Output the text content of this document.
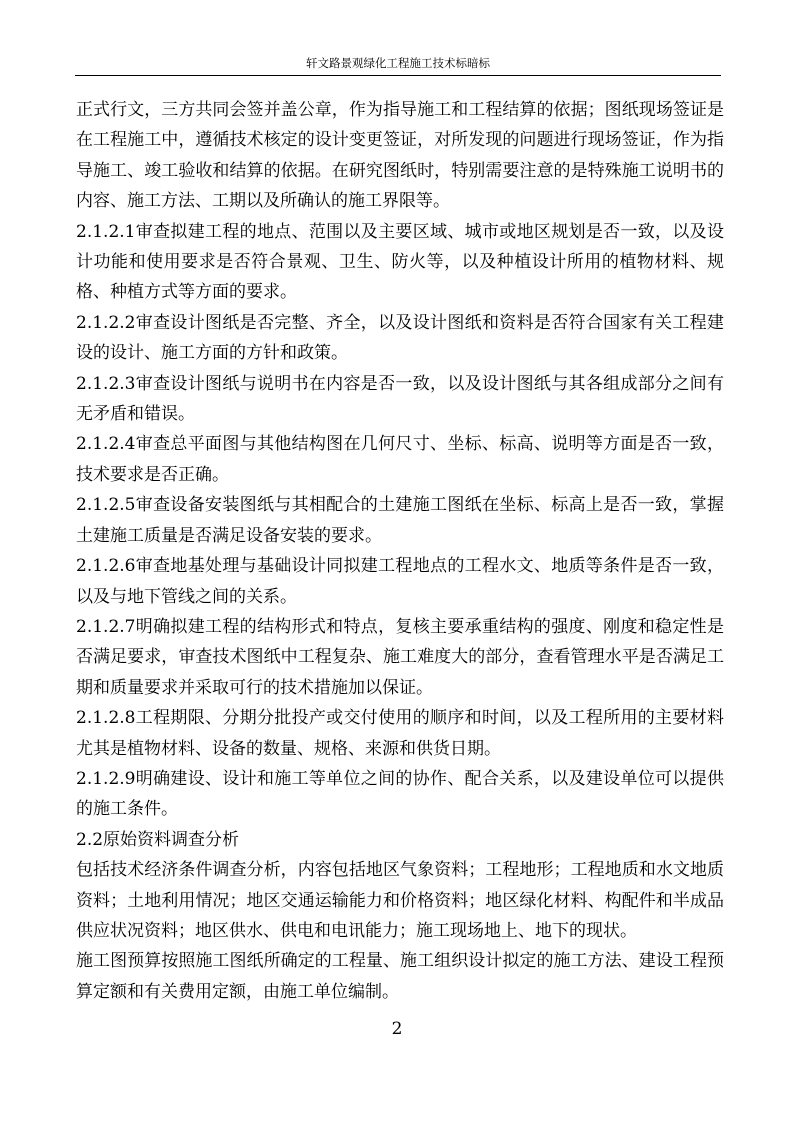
轩文路景观绿化工程施工技术标暗标

正式行文，三方共同会签并盖公章，作为指导施工和工程结算的依据；图纸现场签证是在工程施工中，遵循技术核定的设计变更签证，对所发现的问题进行现场签证，作为指导施工、竣工验收和结算的依据。在研究图纸时，特别需要注意的是特殊施工说明书的内容、施工方法、工期以及所确认的施工界限等。

2.1.2.1审查拟建工程的地点、范围以及主要区域、城市或地区规划是否一致，以及设计功能和使用要求是否符合景观、卫生、防火等，以及种植设计所用的植物材料、规格、种植方式等方面的要求。

2.1.2.2审查设计图纸是否完整、齐全，以及设计图纸和资料是否符合国家有关工程建设的设计、施工方面的方针和政策。

2.1.2.3审查设计图纸与说明书在内容是否一致，以及设计图纸与其各组成部分之间有无矛盾和错误。

2.1.2.4审查总平面图与其他结构图在几何尺寸、坐标、标高、说明等方面是否一致，技术要求是否正确。

2.1.2.5审查设备安装图纸与其相配合的土建施工图纸在坐标、标高上是否一致，掌握土建施工质量是否满足设备安装的要求。

2.1.2.6审查地基处理与基础设计同拟建工程地点的工程水文、地质等条件是否一致，以及与地下管线之间的关系。

2.1.2.7明确拟建工程的结构形式和特点，复核主要承重结构的强度、刚度和稳定性是否满足要求，审查技术图纸中工程复杂、施工难度大的部分，查看管理水平是否满足工期和质量要求并采取可行的技术措施加以保证。

2.1.2.8工程期限、分期分批投产或交付使用的顺序和时间，以及工程所用的主要材料尤其是植物材料、设备的数量、规格、来源和供货日期。

2.1.2.9明确建设、设计和施工等单位之间的协作、配合关系，以及建设单位可以提供的施工条件。

2.2原始资料调查分析

包括技术经济条件调查分析，内容包括地区气象资料；工程地形；工程地质和水文地质资料；土地利用情况；地区交通运输能力和价格资料；地区绿化材料、构配件和半成品供应状况资料；地区供水、供电和电讯能力；施工现场地上、地下的现状。

施工图预算按照施工图纸所确定的工程量、施工组织设计拟定的施工方法、建设工程预算定额和有关费用定额，由施工单位编制。

2
